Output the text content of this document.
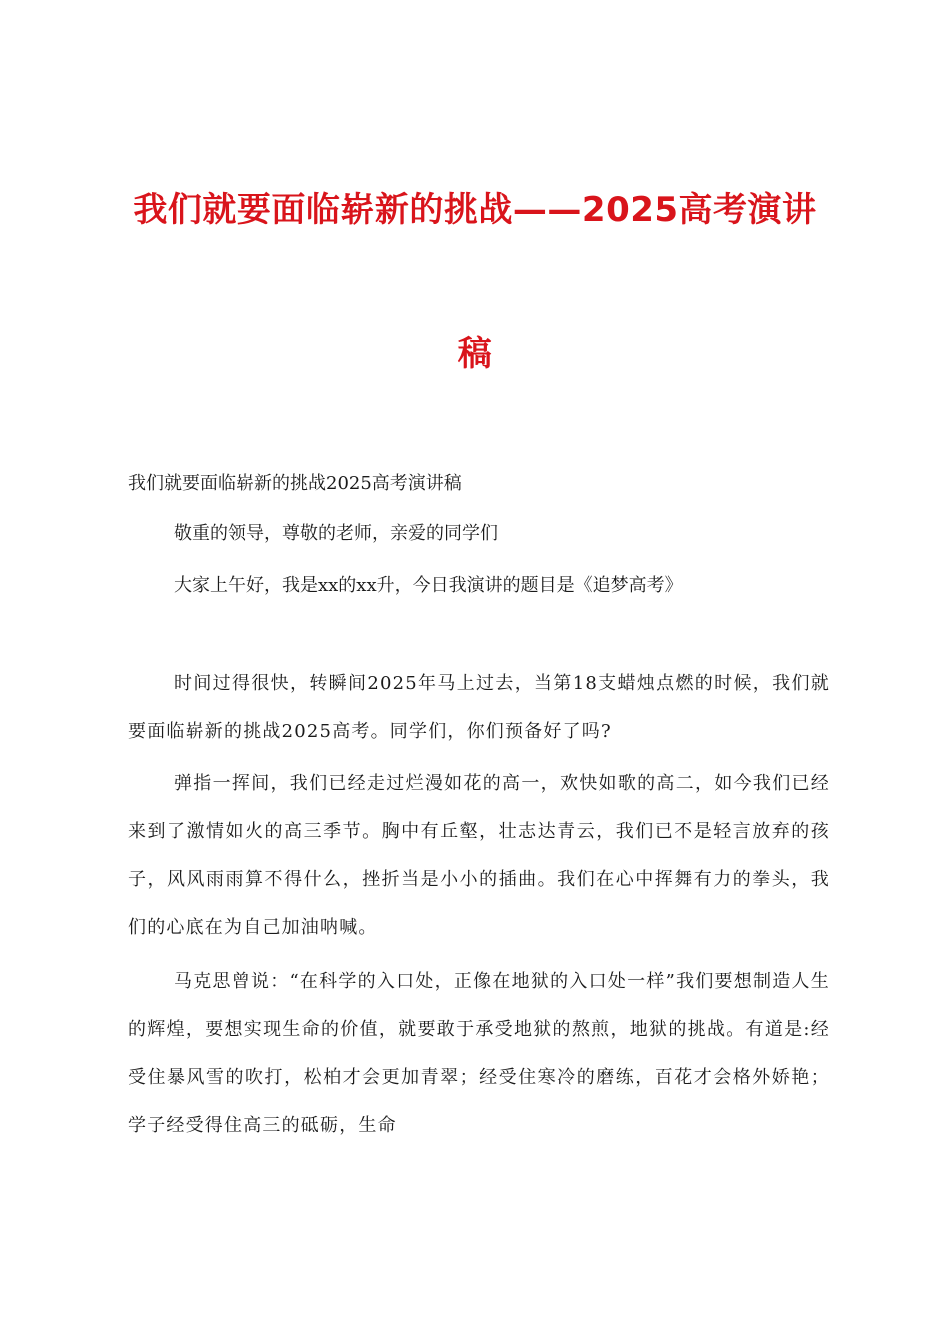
我们就要面临崭新的挑战——2025高考演讲
稿

我们就要面临崭新的挑战2025高考演讲稿

敬重的领导，尊敬的老师，亲爱的同学们

大家上午好，我是xx的xx升，今日我演讲的题目是《追梦高考》

时间过得很快，转瞬间2025年马上过去，当第18支蜡烛点燃的时候，我们就要面临崭新的挑战2025高考。同学们，你们预备好了吗?

弹指一挥间，我们已经走过烂漫如花的高一，欢快如歌的高二，如今我们已经来到了激情如火的高三季节。胸中有丘壑，壮志达青云，我们已不是轻言放弃的孩子，风风雨雨算不得什么，挫折当是小小的插曲。我们在心中挥舞有力的拳头，我们的心底在为自己加油呐喊。

马克思曾说：“在科学的入口处，正像在地狱的入口处一样”我们要想制造人生的辉煌，要想实现生命的价值，就要敢于承受地狱的熬煎，地狱的挑战。有道是:经受住暴风雪的吹打，松柏才会更加青翠；经受住寒冷的磨练，百花才会格外娇艳；学子经受得住高三的砥砺，生命
